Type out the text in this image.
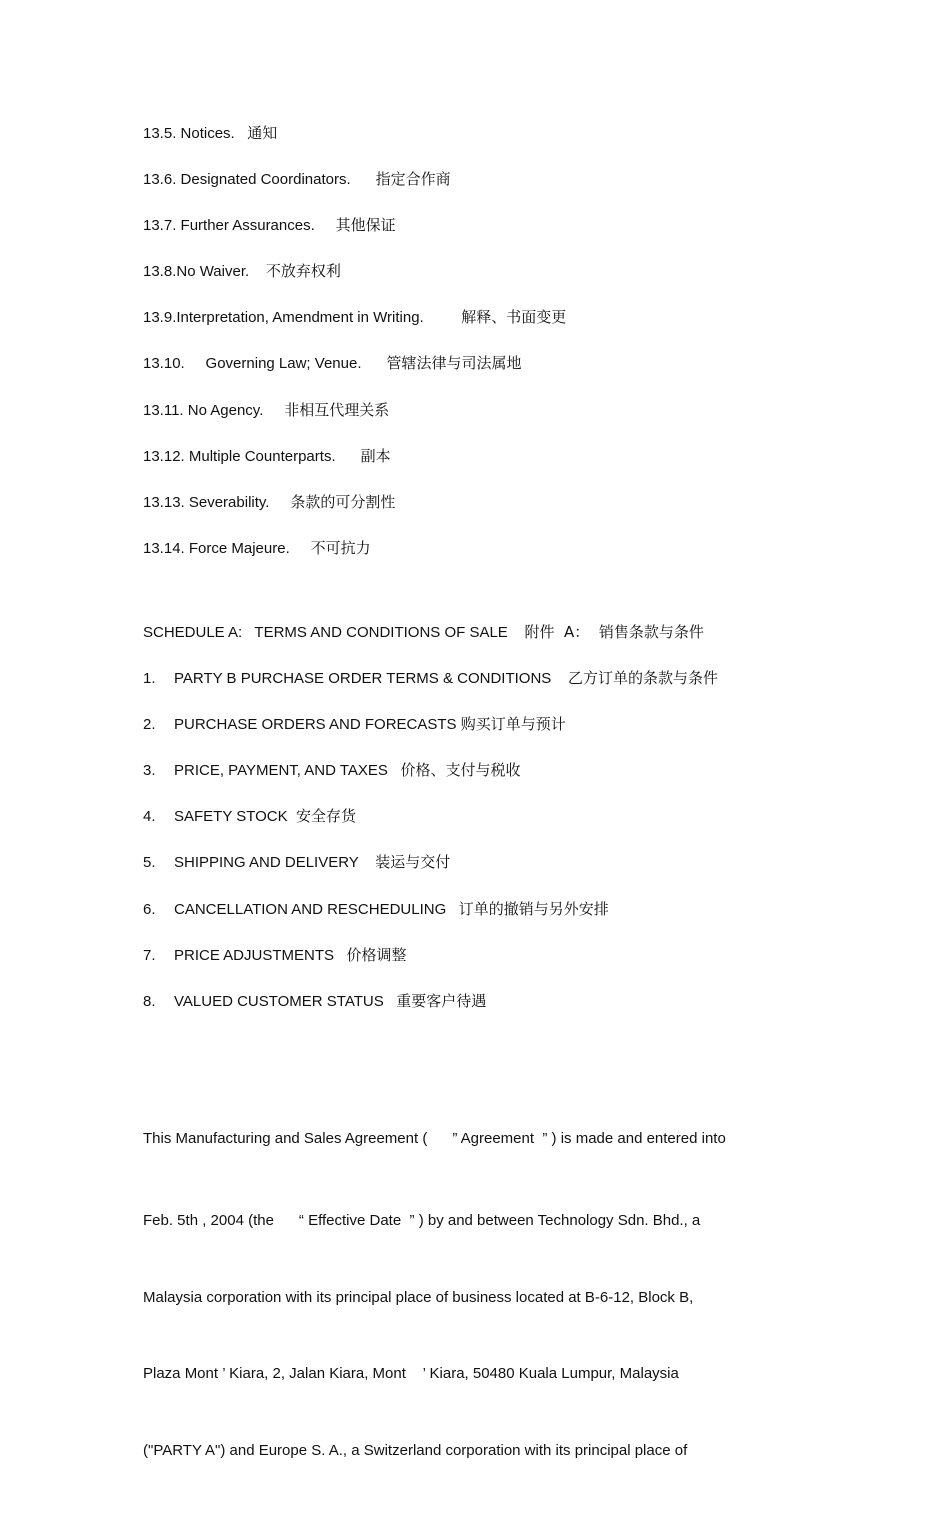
13.5. Notices. 通知
13.6. Designated Coordinators. 指定合作商
13.7. Further Assurances. 其他保证
13.8.No Waiver. 不放弃权利
13.9.Interpretation, Amendment in Writing.	解释、书面变更
13.10.     Governing Law; Venue. 管辖法律与司法属地
13.11. No Agency. 非相互代理关系
13.12. Multiple Counterparts. 副本
13.13. Severability. 条款的可分割性
13.14. Force Majeure. 不可抗力
SCHEDULE A:   TERMS AND CONDITIONS OF SALE 附件  A：  销售条款与条件
1. PARTY B PURCHASE ORDER TERMS & CONDITIONS 乙方订单的条款与条件
2. PURCHASE ORDERS AND FORECASTS 购买订单与预计
3. PRICE, PAYMENT, AND TAXES 价格、支付与税收
4. SAFETY STOCK 安全存货
5. SHIPPING AND DELIVERY 装运与交付
6. CANCELLATION AND RESCHEDULING 订单的撤销与另外安排
7. PRICE ADJUSTMENTS 价格调整
8. VALUED CUSTOMER STATUS 重要客户待遇

This Manufacturing and Sales Agreement (      ” Agreement  ” ) is made and entered into

Feb. 5th , 2004 (the      “ Effective Date  ” ) by and between Technology Sdn. Bhd., a

Malaysia corporation with its principal place of business located at B-6-12, Block B,

Plaza Mont ’ Kiara, 2, Jalan Kiara, Mont    ’ Kiara, 50480 Kuala Lumpur, Malaysia

("PARTY A") and Europe S. A., a Switzerland corporation with its principal place of
